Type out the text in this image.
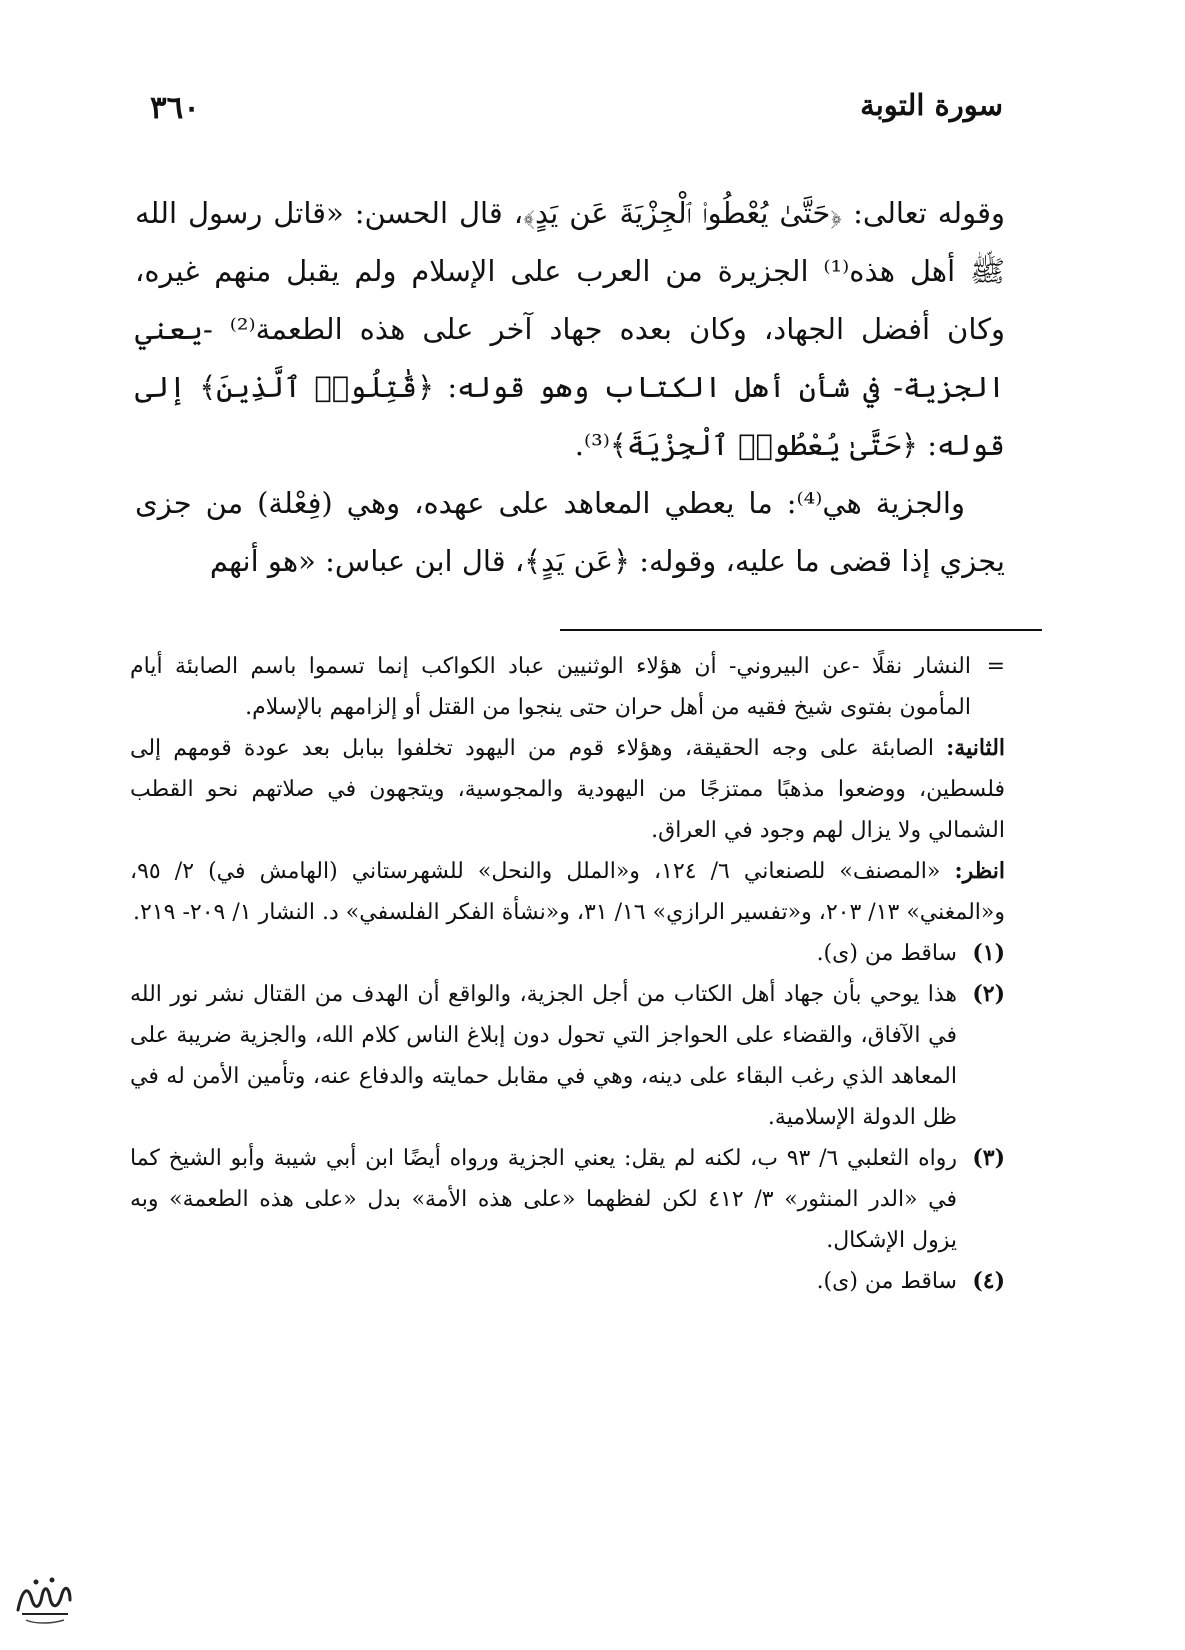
سورة التوبة
٣٦٠

وقوله تعالى: ﴿حَتَّىٰ يُعْطُوا۟ ٱلْجِزْيَةَ عَن يَدٍ﴾، قال الحسن: «قاتل رسول الله ﷺ أهل هذه⁽¹⁾ الجزيرة من العرب على الإسلام ولم يقبل منهم غيره، وكان أفضل الجهاد، وكان بعده جهاد آخر على هذه الطعمة⁽²⁾ -يعني الجزية- في شأن أهل الكتاب وهو قوله: ﴿قَٰتِلُوا۟ ٱلَّذِينَ﴾ إلى قوله: ﴿حَتَّىٰ يُعْطُوا۟ ٱلْجِزْيَةَ﴾⁽³⁾.

والجزية هي⁽⁴⁾: ما يعطي المعاهد على عهده، وهي (فِعْلة) من جزى يجزي إذا قضى ما عليه، وقوله: ﴿عَن يَدٍ﴾، قال ابن عباس: «هو أنهم

=
النشار نقلًا -عن البيروني- أن هؤلاء الوثنيين عباد الكواكب إنما تسموا باسم الصابئة أيام المأمون بفتوى شيخ فقيه من أهل حران حتى ينجوا من القتل أو إلزامهم بالإسلام.

الثانية: الصابئة على وجه الحقيقة، وهؤلاء قوم من اليهود تخلفوا ببابل بعد عودة قومهم إلى فلسطين، ووضعوا مذهبًا ممتزجًا من اليهودية والمجوسية، ويتجهون في صلاتهم نحو القطب الشمالي ولا يزال لهم وجود في العراق.

انظر: «المصنف» للصنعاني ٦/ ١٢٤، و«الملل والنحل» للشهرستاني (الهامش في) ٢/ ٩٥، و«المغني» ١٣/ ٢٠٣، و«تفسير الرازي» ١٦/ ٣١، و«نشأة الفكر الفلسفي» د. النشار ١/ ٢٠٩- ٢١٩.

(١)
ساقط من (ى).

(٢)
هذا يوحي بأن جهاد أهل الكتاب من أجل الجزية، والواقع أن الهدف من القتال نشر نور الله في الآفاق، والقضاء على الحواجز التي تحول دون إبلاغ الناس كلام الله، والجزية ضريبة على المعاهد الذي رغب البقاء على دينه، وهي في مقابل حمايته والدفاع عنه، وتأمين الأمن له في ظل الدولة الإسلامية.

(٣)
رواه الثعلبي ٦/ ٩٣ ب، لكنه لم يقل: يعني الجزية ورواه أيضًا ابن أبي شيبة وأبو الشيخ كما في «الدر المنثور» ٣/ ٤١٢ لكن لفظهما «على هذه الأمة» بدل «على هذه الطعمة» وبه يزول الإشكال.

(٤)
ساقط من (ى).
